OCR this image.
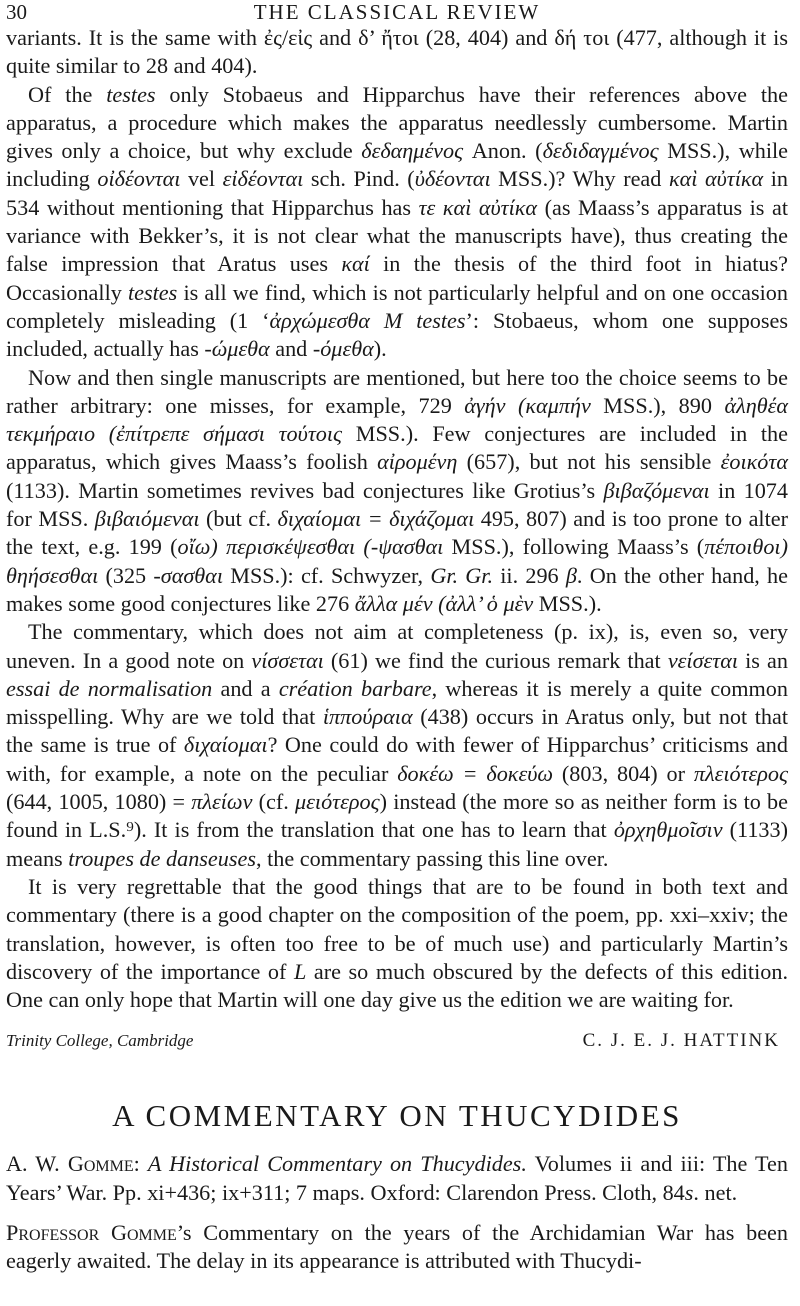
30	THE CLASSICAL REVIEW

variants. It is the same with ἐς/εἰς and δ’ ἤτοι (28, 404) and δή τοι (477, although it is quite similar to 28 and 404).

Of the testes only Stobaeus and Hipparchus have their references above the apparatus, a procedure which makes the apparatus needlessly cumbersome. Martin gives only a choice, but why exclude δεδαημένος Anon. (δεδιδαγμένος MSS.), while including οἰδέονται vel εἰδέονται sch. Pind. (ὐδέονται MSS.)? Why read καὶ αὐτίκα in 534 without mentioning that Hipparchus has τε καὶ αὐτίκα (as Maass’s apparatus is at variance with Bekker’s, it is not clear what the manuscripts have), thus creating the false impression that Aratus uses καί in the thesis of the third foot in hiatus? Occasionally testes is all we find, which is not particularly helpful and on one occasion completely misleading (1 ‘ἀρχώμεσθα M testes’: Stobaeus, whom one supposes included, actually has -ώμεθα and -όμεθα).

Now and then single manuscripts are mentioned, but here too the choice seems to be rather arbitrary: one misses, for example, 729 ἀγήν (καμπήν MSS.), 890 ἀληθέα τεκμήραιο (ἐπίτρεπε σήμασι τούτοις MSS.). Few conjectures are included in the apparatus, which gives Maass’s foolish αἰρομένη (657), but not his sensible ἐοικότα (1133). Martin sometimes revives bad conjectures like Grotius’s βιβαζόμεναι in 1074 for MSS. βιβαιόμεναι (but cf. διχαίομαι = διχάζομαι 495, 807) and is too prone to alter the text, e.g. 199 (οἴω) περισκέψεσθαι (-ψασθαι MSS.), following Maass’s (πέποιθοι) θηήσεσθαι (325 -σασθαι MSS.): cf. Schwyzer, Gr. Gr. ii. 296 β. On the other hand, he makes some good conjectures like 276 ἄλλα μέν (ἀλλ’ ὁ μὲν MSS.).

The commentary, which does not aim at completeness (p. ix), is, even so, very uneven. In a good note on νίσσεται (61) we find the curious remark that νείσεται is an essai de normalisation and a création barbare, whereas it is merely a quite common misspelling. Why are we told that ἱππούραια (438) occurs in Aratus only, but not that the same is true of διχαίομαι? One could do with fewer of Hipparchus’ criticisms and with, for example, a note on the peculiar δοκέω = δοκεύω (803, 804) or πλειότερος (644, 1005, 1080) = πλείων (cf. μειότερος) instead (the more so as neither form is to be found in L.S.⁹). It is from the translation that one has to learn that ὀρχηθμοῖσιν (1133) means troupes de danseuses, the commentary passing this line over.

It is very regrettable that the good things that are to be found in both text and commentary (there is a good chapter on the composition of the poem, pp. xxi–xxiv; the translation, however, is often too free to be of much use) and particularly Martin’s discovery of the importance of L are so much obscured by the defects of this edition. One can only hope that Martin will one day give us the edition we are waiting for.

Trinity College, Cambridge	C. J. E. J. HATTINK
A COMMENTARY ON THUCYDIDES

A. W. Gomme: A Historical Commentary on Thucydides. Volumes ii and iii: The Ten Years’ War. Pp. xi+436; ix+311; 7 maps. Oxford: Clarendon Press. Cloth, 84s. net.

Professor Gomme’s Commentary on the years of the Archidamian War has been eagerly awaited. The delay in its appearance is attributed with Thucydi-
